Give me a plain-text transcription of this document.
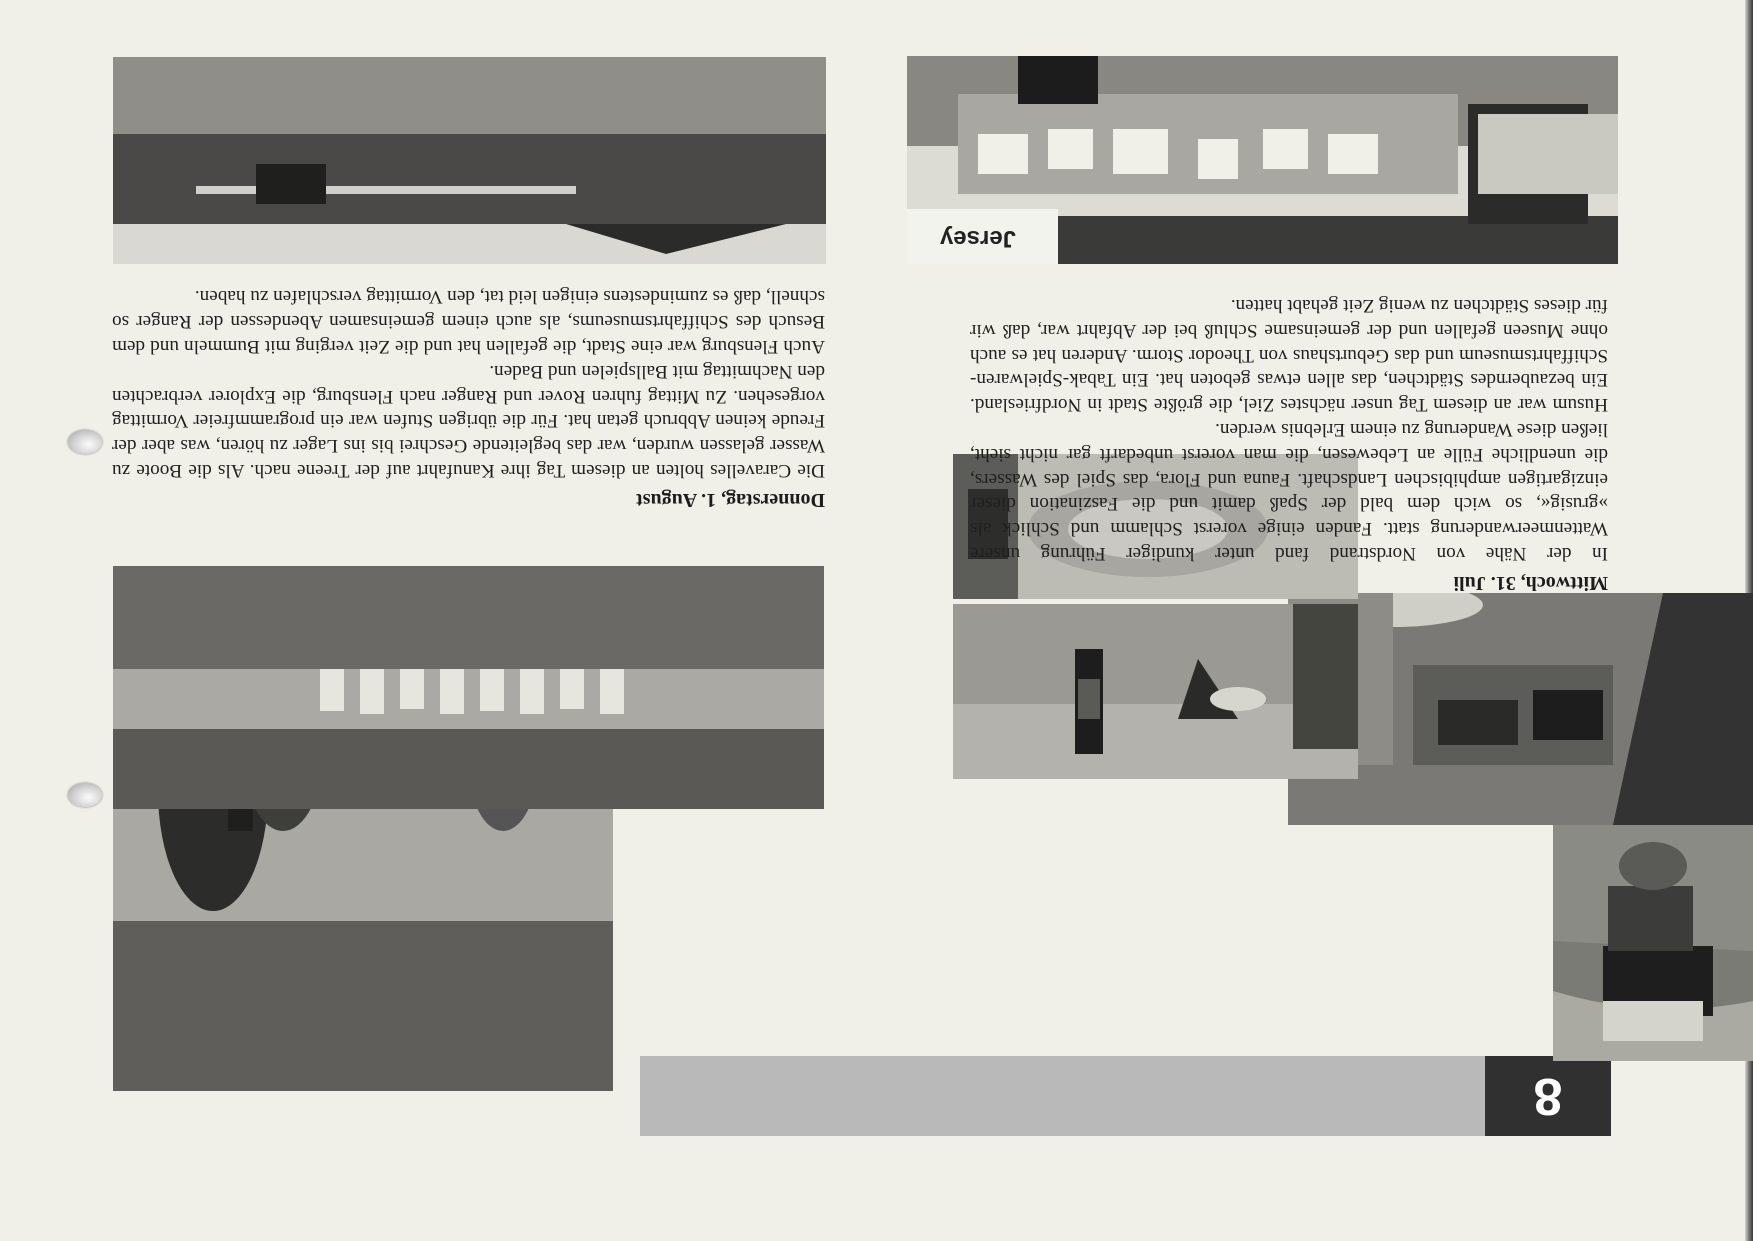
8
Mittwoch, 31. Juli

In der Nähe von Nordstrand fand unter kundiger Führung unsere Wattenmeerwanderung statt. Fanden einige vorerst Schlamm und Schlick als »grusig«, so wich dem bald der Spaß damit und die Faszination dieser einzigartigen amphibischen Landschaft. Fauna und Flora, das Spiel des Wassers, die unendliche Fülle an Lebewesen, die man vorerst unbedarft gar nicht sieht, ließen diese Wanderung zu einem Erlebnis werden.

Husum war an diesem Tag unser nächstes Ziel, die größte Stadt in Nordfriesland. Ein bezauberndes Städtchen, das allen etwas geboten hat. Ein Tabak-Spielwaren-Schiffahrtsmuseum und das Geburtshaus von Theodor Storm. Anderen hat es auch ohne Museen gefallen und der gemeinsame Schluß bei der Abfahrt war, daß wir für dieses Städtchen zu wenig Zeit gehabt hatten.

Jersey
Donnerstag, 1. August

Die Caravelles holten an diesem Tag ihre Kanufahrt auf der Treene nach. Als die Boote zu Wasser gelassen wurden, war das begleitende Geschrei bis ins Lager zu hören, was aber der Freude keinen Abbruch getan hat. Für die übrigen Stufen war ein programmfreier Vormittag vorgesehen. Zu Mittag fuhren Rover und Ranger nach Flensburg, die Explorer verbrachten den Nachmittag mit Ballspielen und Baden.

Auch Flensburg war eine Stadt, die gefallen hat und die Zeit verging mit Bummeln und dem Besuch des Schiffahrtsmuseums, als auch einem gemeinsamen Abendessen der Ranger so schnell, daß es zumindestens einigen leid tat, den Vormittag verschlafen zu haben.
